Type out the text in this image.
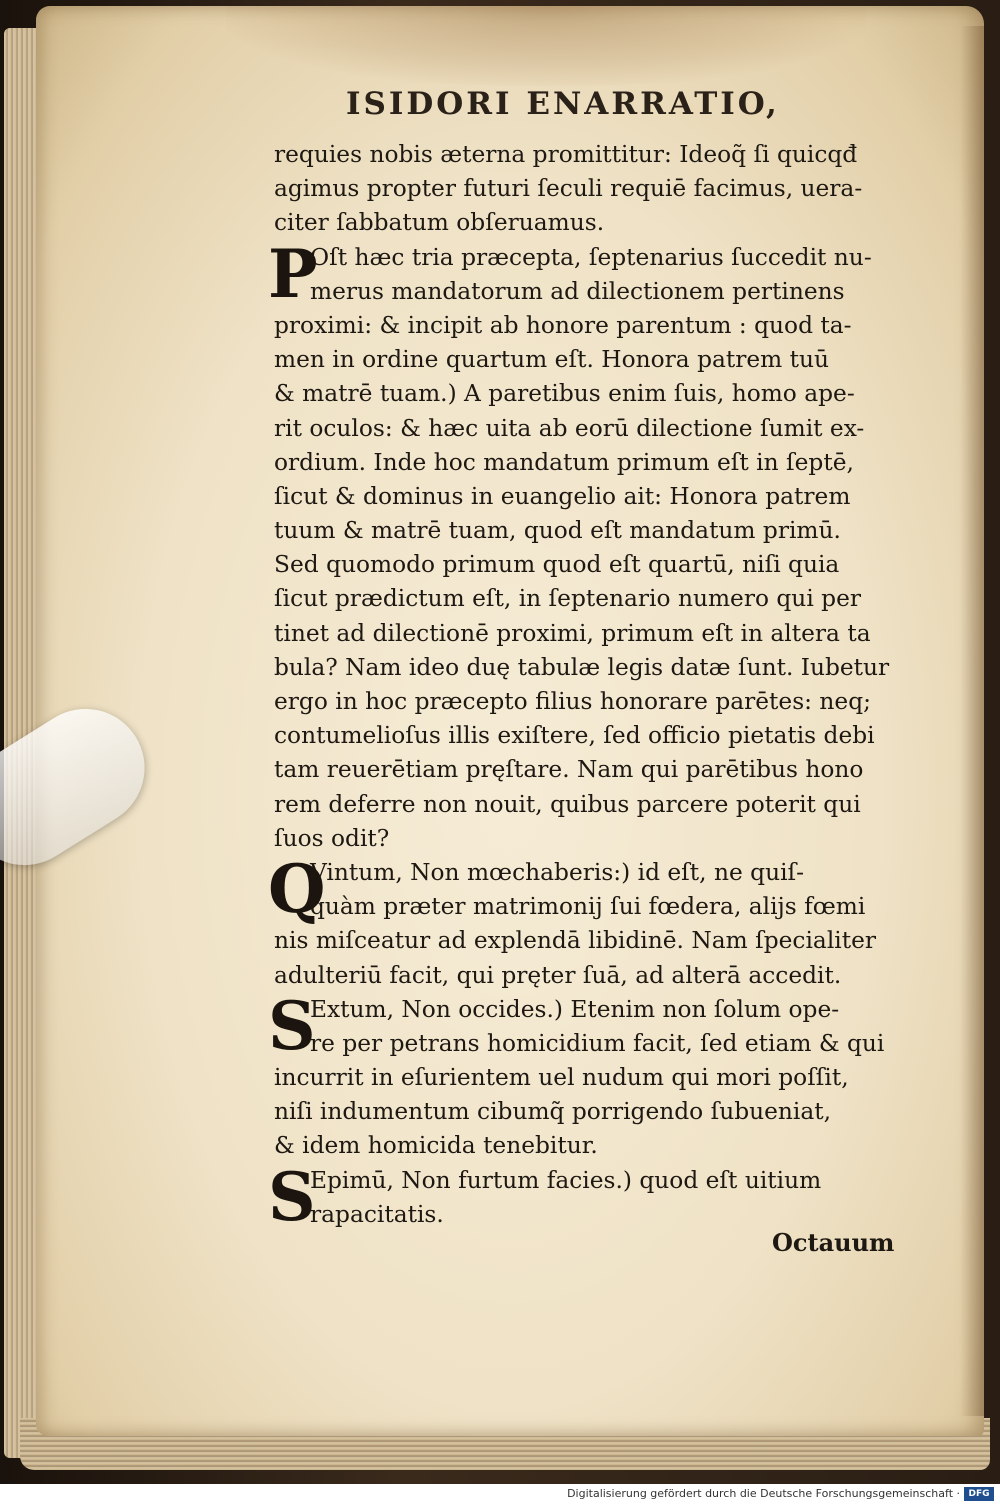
ISIDORI ENARRATIO,
requies nobis æterna promittitur: Ideoq̃ ſi quicqđ
agimus propter futuri ſeculi requiē facimus, uera-
citer ſabbatum obſeruamus.
P
Oſt hæc tria præcepta, ſeptenarius ſuccedit nu-
merus mandatorum ad dilectionem pertinens
proximi: & incipit ab honore parentum : quod ta-
men in ordine quartum eſt. Honora patrem tuū
& matrē tuam.) A paretibus enim ſuis, homo ape-
rit oculos: & hæc uita ab eorū dilectione ſumit ex-
ordium. Inde hoc mandatum primum eſt in ſeptē,
ſicut & dominus in euangelio ait: Honora patrem
tuum & matrē tuam, quod eſt mandatum primū.
Sed quomodo primum quod eſt quartū, niſi quia
ſicut prædictum eſt, in ſeptenario numero qui per
tinet ad dilectionē proximi, primum eſt in altera ta
bula? Nam ideo duę tabulæ legis datæ ſunt. Iubetur
ergo in hoc præcepto filius honorare parētes: neq;
contumelioſus illis exiſtere, ſed officio pietatis debi
tam reuerētiam pręſtare. Nam qui parētibus hono
rem deferre non nouit, quibus parcere poterit qui
ſuos odit?
Q
Vintum, Non mœchaberis:) id eſt, ne quiſ-
quàm præter matrimonij ſui fœdera, alijs fœmi
nis miſceatur ad explendā libidinē. Nam ſpecialiter
adulteriū facit, qui pręter ſuā, ad alterā accedit.
S
Extum, Non occides.) Etenim non ſolum ope-
re per petrans homicidium facit, ſed etiam & qui
incurrit in eſurientem uel nudum qui mori poſſit,
niſi indumentum cibumq̃ porrigendo ſubueniat,
& idem homicida tenebitur.
S
Epimū, Non furtum facies.) quod eſt uitium
rapacitatis.
Octauum
Digitalisierung gefördert durch die Deutsche Forschungsgemeinschaft · DFG
